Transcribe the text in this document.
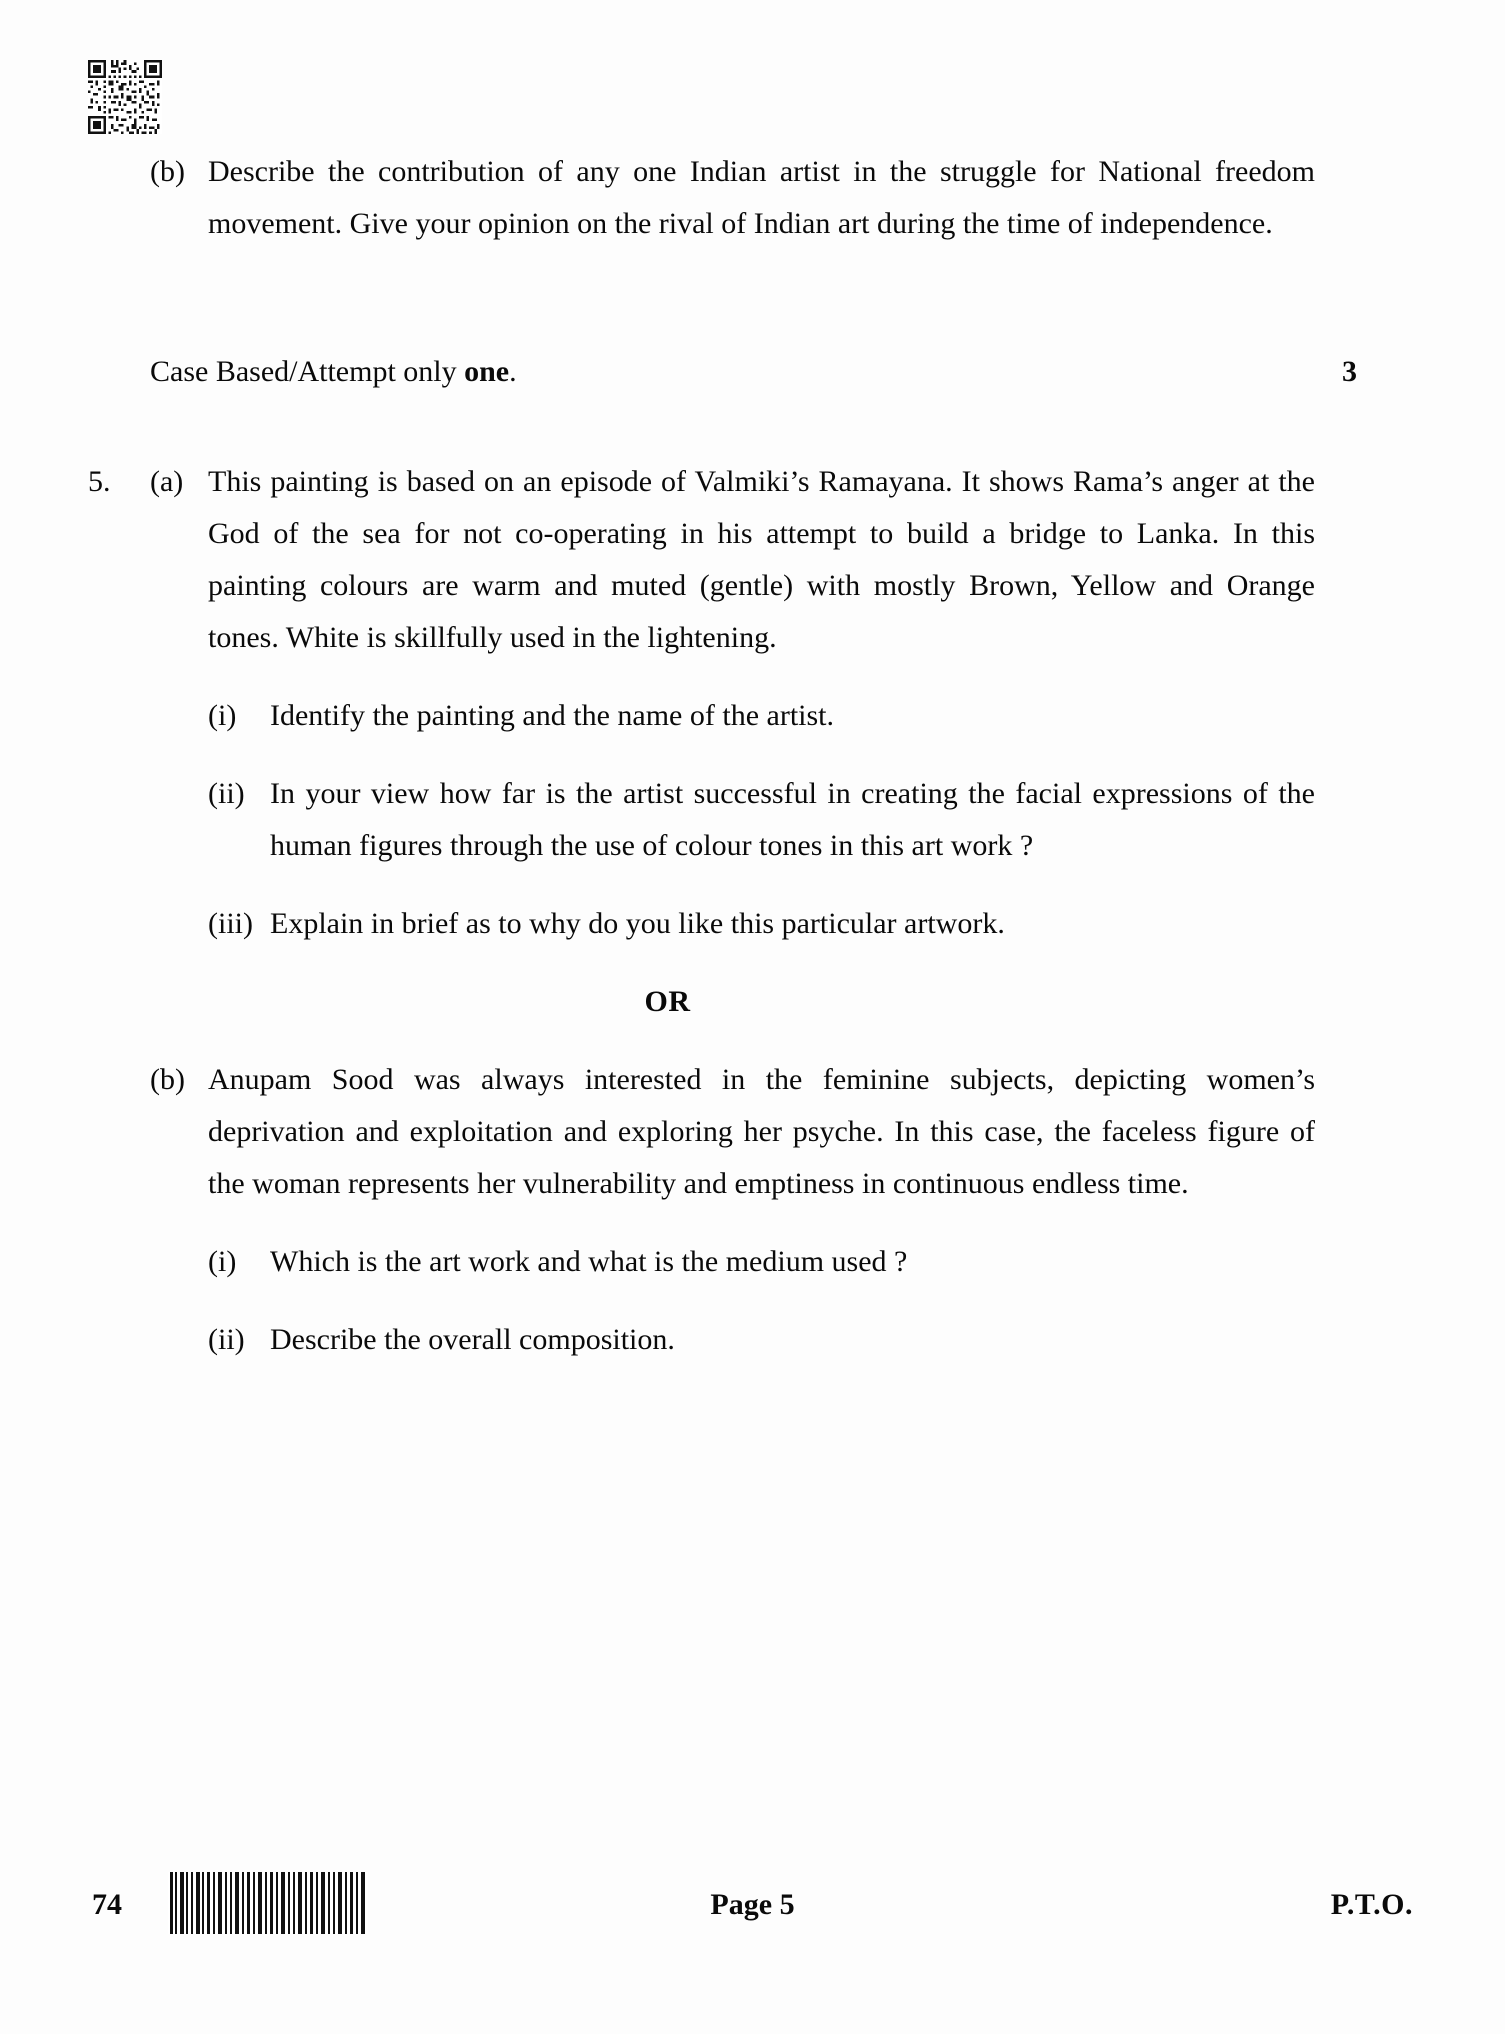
(b) Describe the contribution of any one Indian artist in the struggle for National freedom movement. Give your opinion on the rival of Indian art during the time of independence.
Case Based/Attempt only one.	3
5.	(a) This painting is based on an episode of Valmiki’s Ramayana. It shows Rama’s anger at the God of the sea for not co-operating in his attempt to build a bridge to Lanka. In this painting colours are warm and muted (gentle) with mostly Brown, Yellow and Orange tones. White is skillfully used in the lightening.
(i)	Identify the painting and the name of the artist.
(ii) In your view how far is the artist successful in creating the facial expressions of the human figures through the use of colour tones in this art work ?
(iii) Explain in brief as to why do you like this particular artwork.
OR
(b) Anupam Sood was always interested in the feminine subjects, depicting women’s deprivation and exploitation and exploring her psyche. In this case, the faceless figure of the woman represents her vulnerability and emptiness in continuous endless time.
(i)	Which is the art work and what is the medium used ?
(ii) Describe the overall composition.
74	Page 5	P.T.O.
